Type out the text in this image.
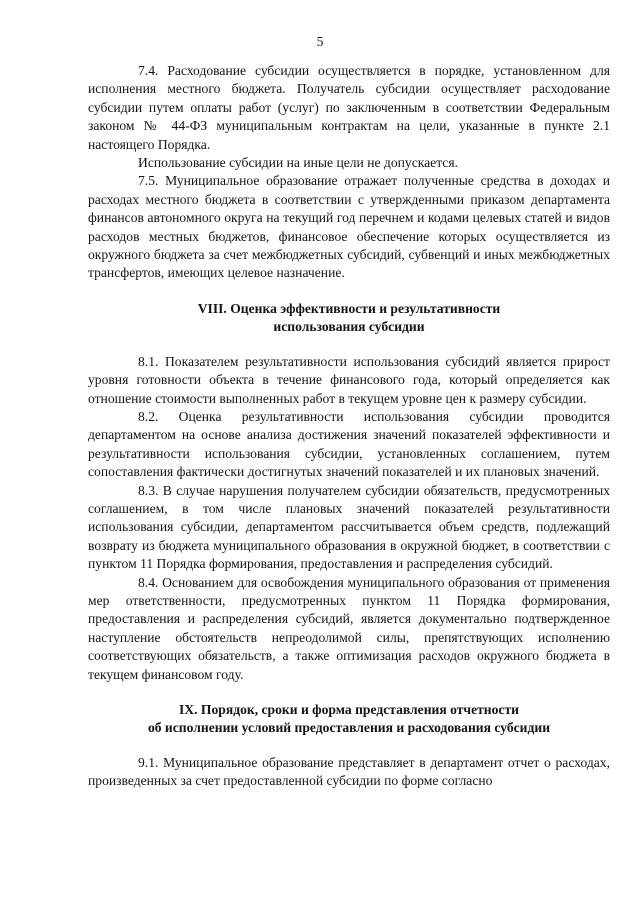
5

7.4. Расходование субсидии осуществляется в порядке, установленном для исполнения местного бюджета. Получатель субсидии осуществляет расходование субсидии путем оплаты работ (услуг) по заключенным в соответствии Федеральным законом № 44-ФЗ муниципальным контрактам на цели, указанные в пункте 2.1 настоящего Порядка.

Использование субсидии на иные цели не допускается.

7.5. Муниципальное образование отражает полученные средства в доходах и расходах местного бюджета в соответствии с утвержденными приказом департамента финансов автономного округа на текущий год перечнем и кодами целевых статей и видов расходов местных бюджетов, финансовое обеспечение которых осуществляется из окружного бюджета за счет межбюджетных субсидий, субвенций и иных межбюджетных трансфертов, имеющих целевое назначение.

VIII. Оценка эффективности и результативности

использования субсидии

8.1. Показателем результативности использования субсидий является прирост уровня готовности объекта в течение финансового года, который определяется как отношение стоимости выполненных работ в текущем уровне цен к размеру субсидии.

8.2. Оценка результативности использования субсидии проводится департаментом на основе анализа достижения значений показателей эффективности и результативности использования субсидии, установленных соглашением, путем сопоставления фактически достигнутых значений показателей и их плановых значений.

8.3. В случае нарушения получателем субсидии обязательств, предусмотренных соглашением, в том числе плановых значений показателей результативности использования субсидии, департаментом рассчитывается объем средств, подлежащий возврату из бюджета муниципального образования в окружной бюджет, в соответствии с пунктом 11 Порядка формирования, предоставления и распределения субсидий.

8.4. Основанием для освобождения муниципального образования от применения мер ответственности, предусмотренных пунктом 11 Порядка формирования, предоставления и распределения субсидий, является документально подтвержденное наступление обстоятельств непреодолимой силы, препятствующих исполнению соответствующих обязательств, а также оптимизация расходов окружного бюджета в текущем финансовом году.

IX. Порядок, сроки и форма представления отчетности

об исполнении условий предоставления и расходования субсидии

9.1. Муниципальное образование представляет в департамент отчет о расходах, произведенных за счет предоставленной субсидии по форме согласно
